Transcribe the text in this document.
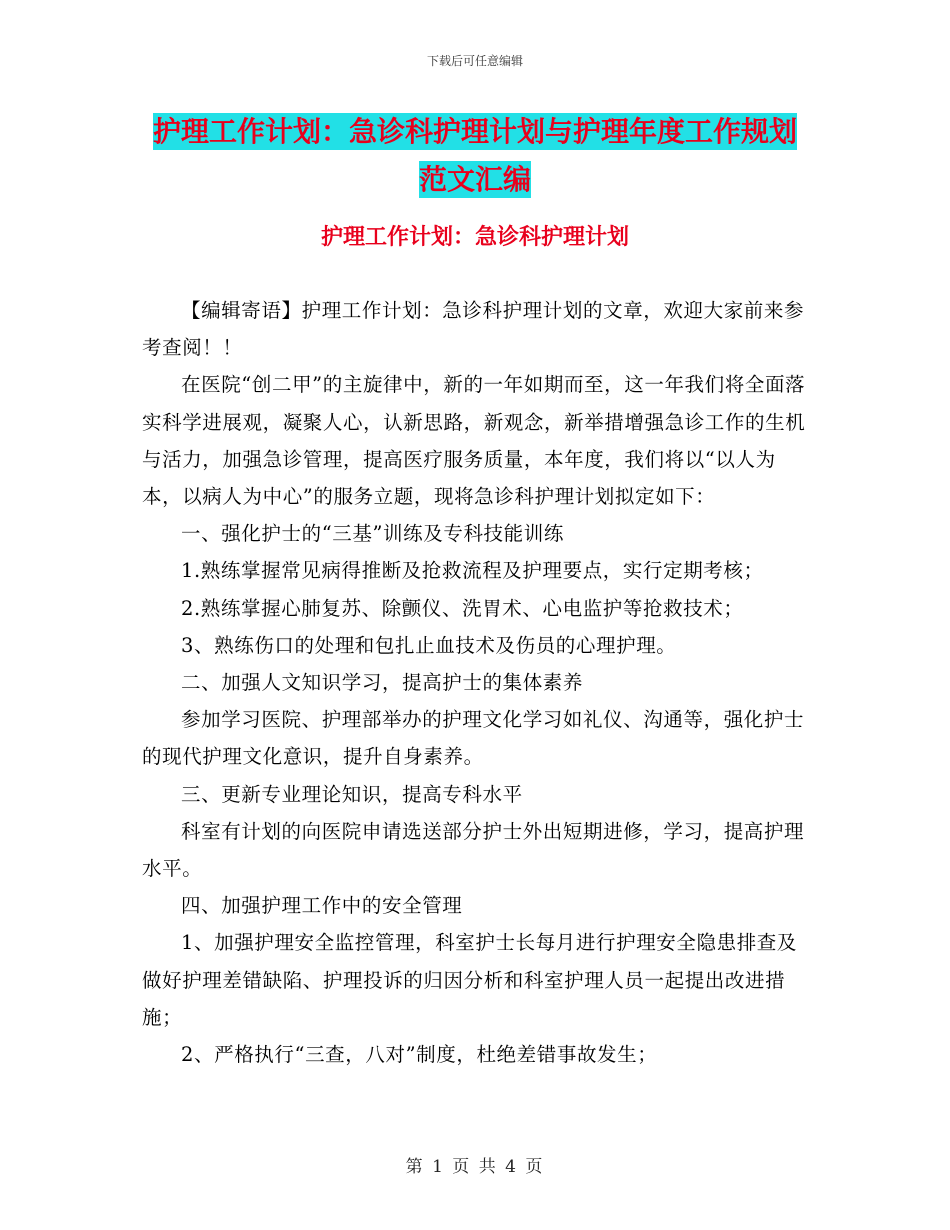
下载后可任意编辑
护理工作计划：急诊科护理计划与护理年度工作规划
范文汇编
护理工作计划：急诊科护理计划

【编辑寄语】护理工作计划：急诊科护理计划的文章，欢迎大家前来参考查阅！！

在医院“创二甲”的主旋律中，新的一年如期而至，这一年我们将全面落实科学进展观，凝聚人心，认新思路，新观念，新举措增强急诊工作的生机与活力，加强急诊管理，提高医疗服务质量，本年度，我们将以“以人为本，以病人为中心”的服务立题，现将急诊科护理计划拟定如下：

一、强化护士的“三基”训练及专科技能训练

1.熟练掌握常见病得推断及抢救流程及护理要点，实行定期考核；

2.熟练掌握心肺复苏、除颤仪、洗胃术、心电监护等抢救技术；

3、熟练伤口的处理和包扎止血技术及伤员的心理护理。

二、加强人文知识学习，提高护士的集体素养

参加学习医院、护理部举办的护理文化学习如礼仪、沟通等，强化护士的现代护理文化意识，提升自身素养。

三、更新专业理论知识，提高专科水平

科室有计划的向医院申请选送部分护士外出短期进修，学习，提高护理水平。

四、加强护理工作中的安全管理

1、加强护理安全监控管理，科室护士长每月进行护理安全隐患排查及做好护理差错缺陷、护理投诉的归因分析和科室护理人员一起提出改进措施；

2、严格执行“三查，八对”制度，杜绝差错事故发生；

第 1 页 共 4 页
